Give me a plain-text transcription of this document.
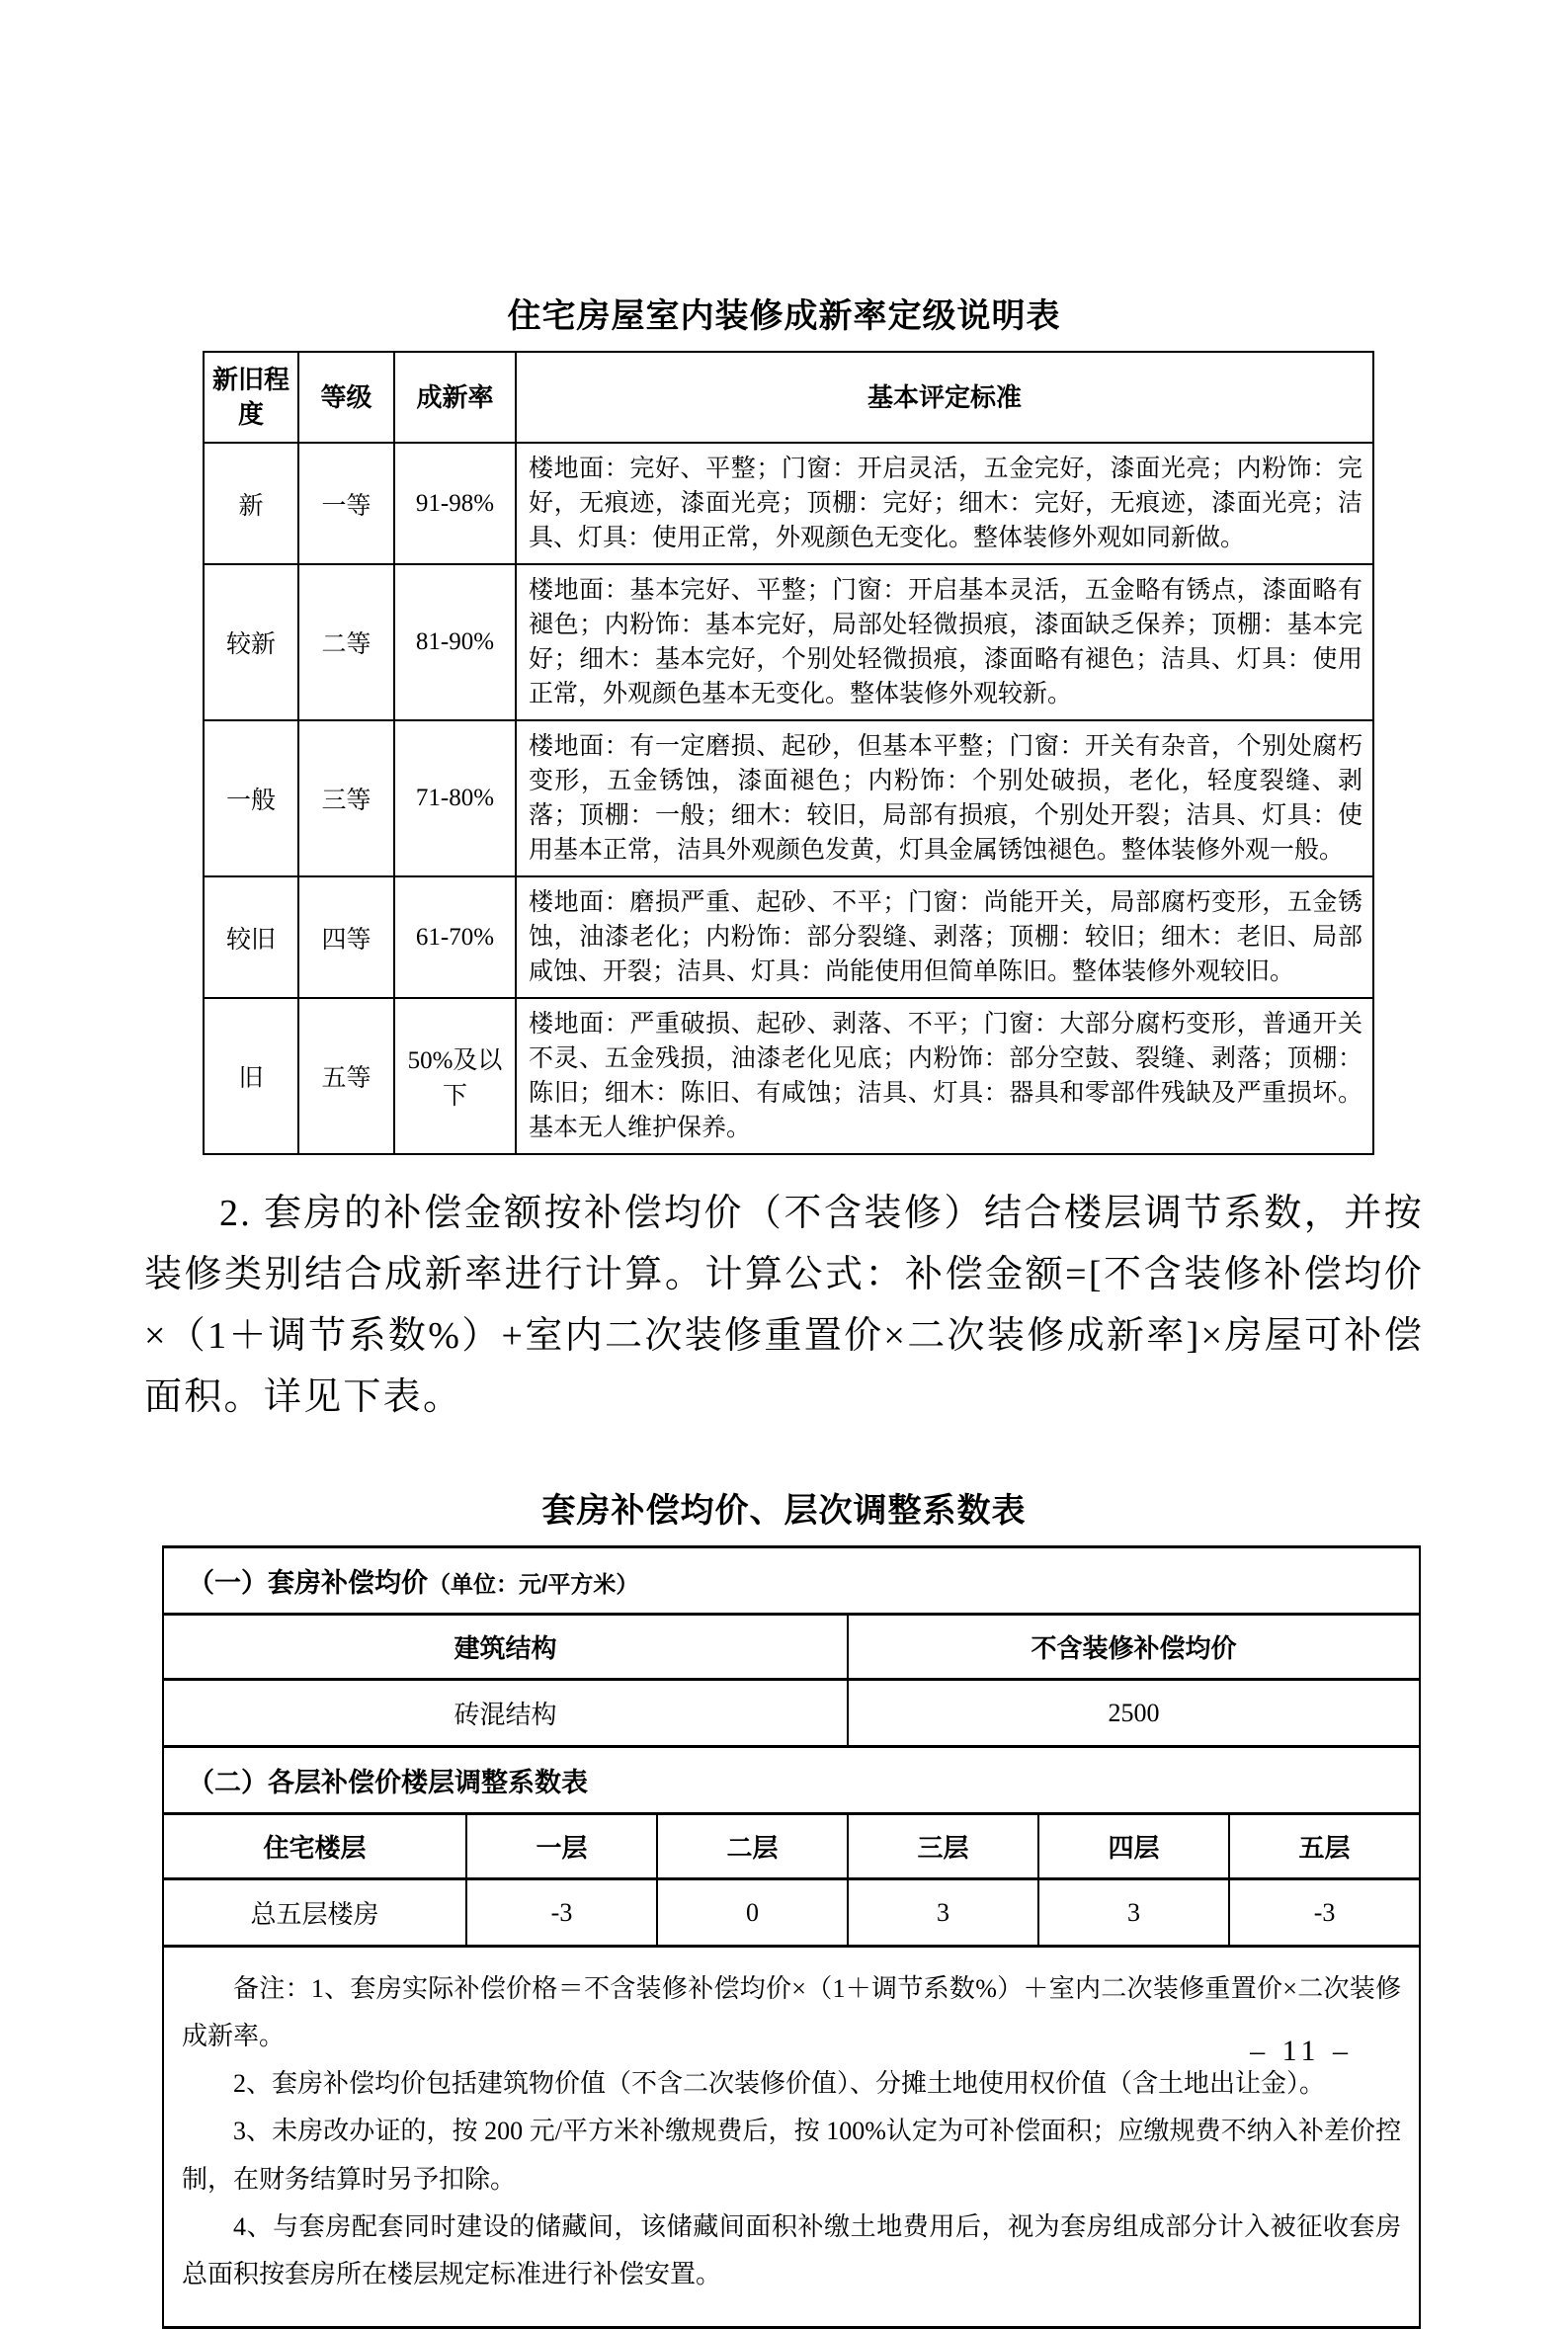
住宅房屋室内装修成新率定级说明表
新旧程度	等级	成新率	基本评定标准
新	一等	91-98%	楼地面：完好、平整；门窗：开启灵活，五金完好，漆面光亮；内粉饰：完好，无痕迹，漆面光亮；顶棚：完好；细木：完好，无痕迹，漆面光亮；洁具、灯具：使用正常，外观颜色无变化。整体装修外观如同新做。
较新	二等	81-90%	楼地面：基本完好、平整；门窗：开启基本灵活，五金略有锈点，漆面略有褪色；内粉饰：基本完好，局部处轻微损痕，漆面缺乏保养；顶棚：基本完好；细木：基本完好，个别处轻微损痕，漆面略有褪色；洁具、灯具：使用正常，外观颜色基本无变化。整体装修外观较新。
一般	三等	71-80%	楼地面：有一定磨损、起砂，但基本平整；门窗：开关有杂音，个别处腐朽变形，五金锈蚀，漆面褪色；内粉饰：个别处破损，老化，轻度裂缝、剥落；顶棚：一般；细木：较旧，局部有损痕，个别处开裂；洁具、灯具：使用基本正常，洁具外观颜色发黄，灯具金属锈蚀褪色。整体装修外观一般。
较旧	四等	61-70%	楼地面：磨损严重、起砂、不平；门窗：尚能开关，局部腐朽变形，五金锈蚀，油漆老化；内粉饰：部分裂缝、剥落；顶棚：较旧；细木：老旧、局部咸蚀、开裂；洁具、灯具：尚能使用但简单陈旧。整体装修外观较旧。
旧	五等	50%及以下	楼地面：严重破损、起砂、剥落、不平；门窗：大部分腐朽变形，普通开关不灵、五金残损，油漆老化见底；内粉饰：部分空鼓、裂缝、剥落；顶棚：陈旧；细木：陈旧、有咸蚀；洁具、灯具：器具和零部件残缺及严重损坏。基本无人维护保养。

2. 套房的补偿金额按补偿均价（不含装修）结合楼层调节系数，并按装修类别结合成新率进行计算。计算公式：补偿金额=[不含装修补偿均价×（1＋调节系数%）+室内二次装修重置价×二次装修成新率]×房屋可补偿面积。详见下表。

套房补偿均价、层次调整系数表
（一）套房补偿均价（单位：元/平方米）					
建筑结构			不含装修补偿均价		
砖混结构			2500		
（二）各层补偿价楼层调整系数表					
住宅楼层	一层	二层	三层	四层	五层
总五层楼房	-3	0	3	3	-3

备注：1、套房实际补偿价格＝不含装修补偿均价×（1＋调节系数%）＋室内二次装修重置价×二次装修成新率。

2、套房补偿均价包括建筑物价值（不含二次装修价值）、分摊土地使用权价值（含土地出让金）。

3、未房改办证的，按 200 元/平方米补缴规费后，按 100%认定为可补偿面积；应缴规费不纳入补差价控制，在财务结算时另予扣除。

4、与套房配套同时建设的储藏间，该储藏间面积补缴土地费用后，视为套房组成部分计入被征收套房总面积按套房所在楼层规定标准进行补偿安置。					

– 11 –
